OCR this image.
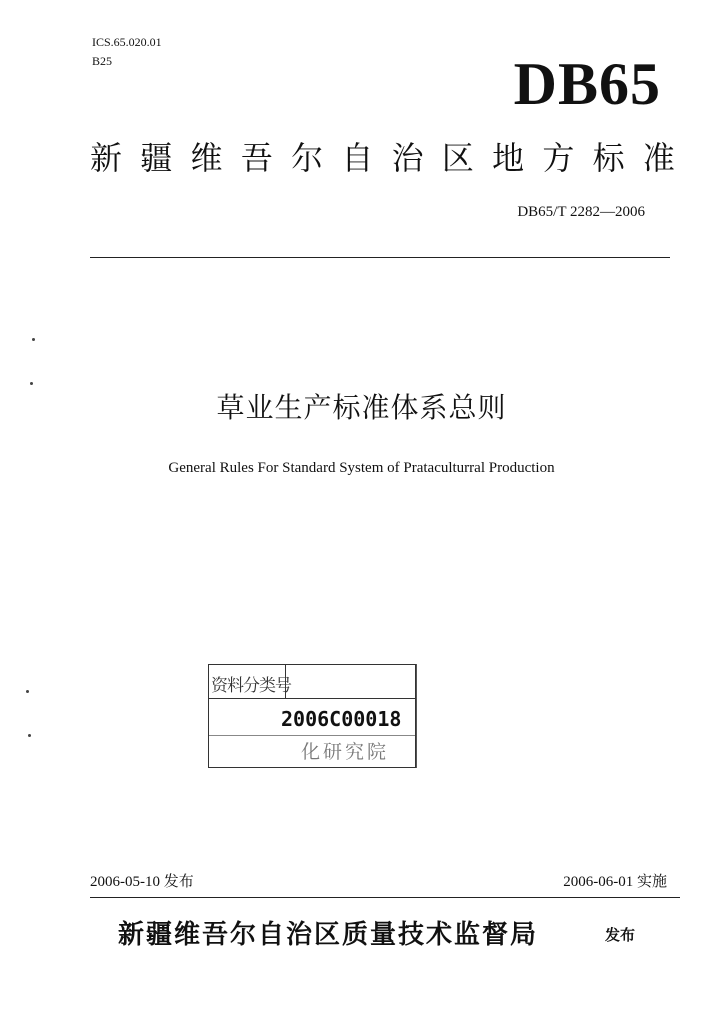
ICS.65.020.01
B25	DB65
新 疆 维 吾 尔 自 治 区 地 方 标 准
DB65/T 2282—2006
草业生产标准体系总则
General Rules For Standard System of Prataculturral Production
资料分类号
2006C00018
化研究院
2006-05-10 发布	2006-06-01 实施
新疆维吾尔自治区质量技术监督局	发布
